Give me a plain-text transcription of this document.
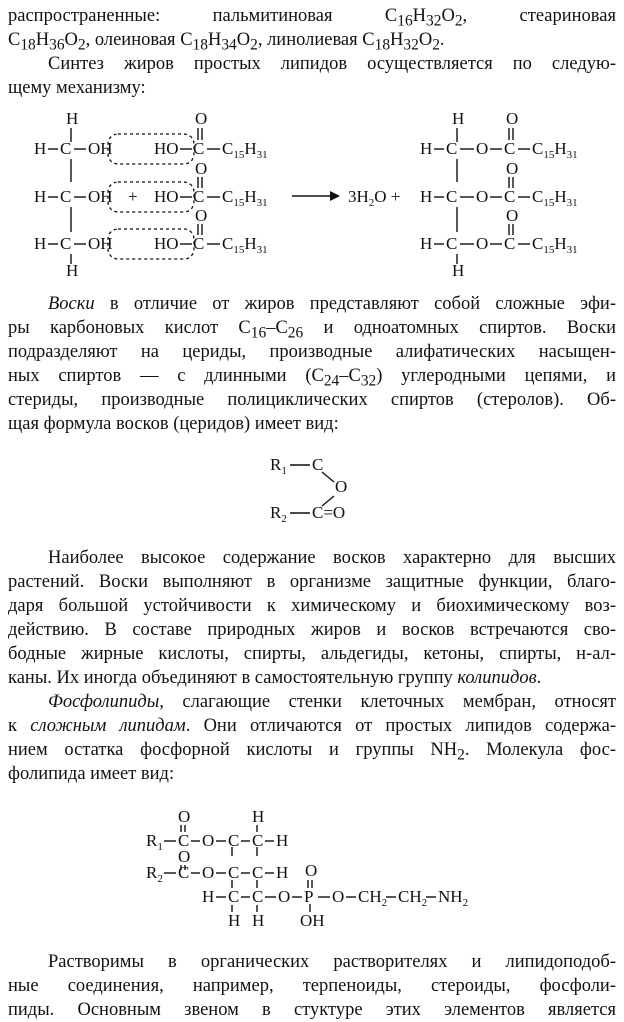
распространенные: пальмитиновая $C_{16}H_{32}O_2$, стеариновая
$C_{18}H_{36}O_2$, олеиновая $C_{18}H_{34}O_2$, линолиевая $C_{18}H_{32}O_2$.
Синтез жиров простых липидов осуществляется по следую-
щему механизму:
H
H C OH
H C OH
H C OH
H
+
HO C
O
$C_{15}H_{31}$
HO C
O
$C_{15}H_{31}$
HO C
O
$C_{15}H_{31}$
$3H_2O$ +
H
H C O C
O
$C_{15}H_{31}$
H C O C
O
$C_{15}H_{31}$
H C O C
O
$C_{15}H_{31}$
H
Воски в отличие от жиров представляют собой сложные эфи-
ры карбоновых кислот $C_{16}-C_{26}$ и одноатомных спиртов. Воски
подразделяют на цериды, производные алифатических насыщен-
ных спиртов — с длинными $(C_{24}-C_{32})$ углеродными цепями, и
стериды, производные полициклических спиртов (стеролов). Об-
щая формула восков (церидов) имеет вид:
$R_1$ C
O
$R_2$ C=O
Наиболее высокое содержание восков характерно для высших
растений. Воски выполняют в организме защитные функции, благо-
даря большой устойчивости к химическому и биохимическому воз-
действию. В составе природных жиров и восков встречаются сво-
бодные жирные кислоты, спирты, альдегиды, кетоны, спирты, н-ал-
каны. Их иногда объединяют в самостоятельную группу колипидов.
Фосфолипиды, слагающие стенки клеточных мембран, относят
к сложным липидам. Они отличаются от простых липидов содержа-
нием остатка фосфорной кислоты и группы $NH_2$. Молекула фос-
фолипида имеет вид:
O	H
$R_1$ C O C C H
O
$R_2$ C O C C H
C
H C O P
O
OH
O $CH_2$ $CH_2$ $NH_2$
H H
Растворимы в органических растворителях и липидоподоб-
ные соединения, например, терпеноиды, стероиды, фосфоли-
пиды. Основным звеном в стуктуре этих элементов является
